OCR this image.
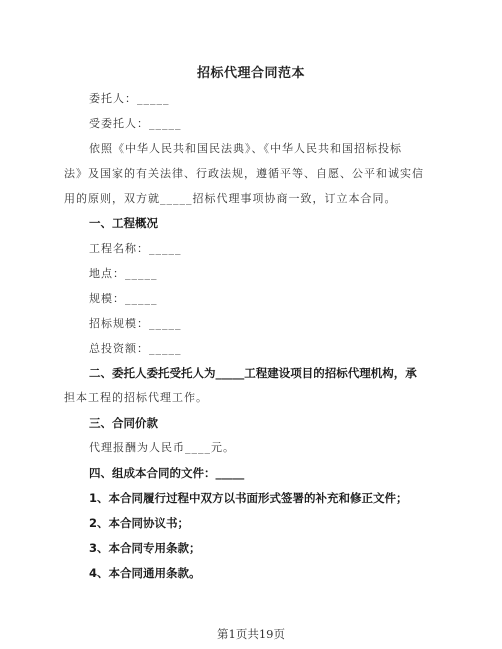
招标代理合同范本
委托人：_____
受委托人：_____
依照《中华人民共和国民法典》、《中华人民共和国招标投标
法》及国家的有关法律、行政法规，遵循平等、自愿、公平和诚实信
用的原则，双方就_____招标代理事项协商一致，订立本合同。
一、工程概况
工程名称：_____
地点：_____
规模：_____
招标规模：_____
总投资额：_____
二、委托人委托受托人为_____工程建设项目的招标代理机构，承
担本工程的招标代理工作。
三、合同价款
代理报酬为人民币____元。
四、组成本合同的文件：_____
1、本合同履行过程中双方以书面形式签署的补充和修正文件；
2、本合同协议书；
3、本合同专用条款；
4、本合同通用条款。
第1页共19页
